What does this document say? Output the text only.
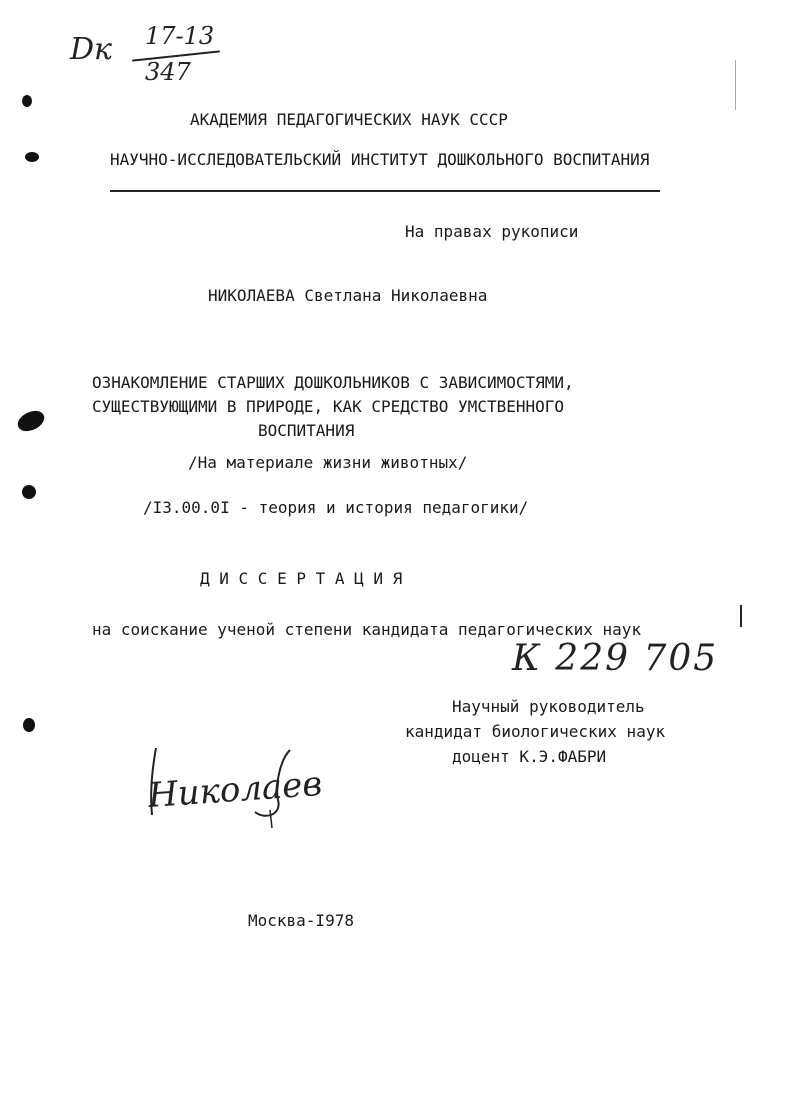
Dк 17-13
347
АКАДЕМИЯ ПЕДАГОГИЧЕСКИХ НАУК СССР
НАУЧНО-ИССЛЕДОВАТЕЛЬСКИЙ ИНСТИТУТ ДОШКОЛЬНОГО ВОСПИТАНИЯ
На правах рукописи
НИКОЛАЕВА Светлана Николаевна
ОЗНАКОМЛЕНИЕ СТАРШИХ ДОШКОЛЬНИКОВ С ЗАВИСИМОСТЯМИ,
СУЩЕСТВУЮЩИМИ В ПРИРОДЕ, КАК СРЕДСТВО УМСТВЕННОГО
ВОСПИТАНИЯ
/На материале жизни животных/
/I3.00.0I - теория и история педагогики/
Д И С С Е Р Т А Ц И Я
на соискание ученой степени кандидата педагогических наук
К 229 705
Научный руководитель
кандидат биологических наук
доцент К.Э.ФАБРИ
Николаев
Москва-I978
